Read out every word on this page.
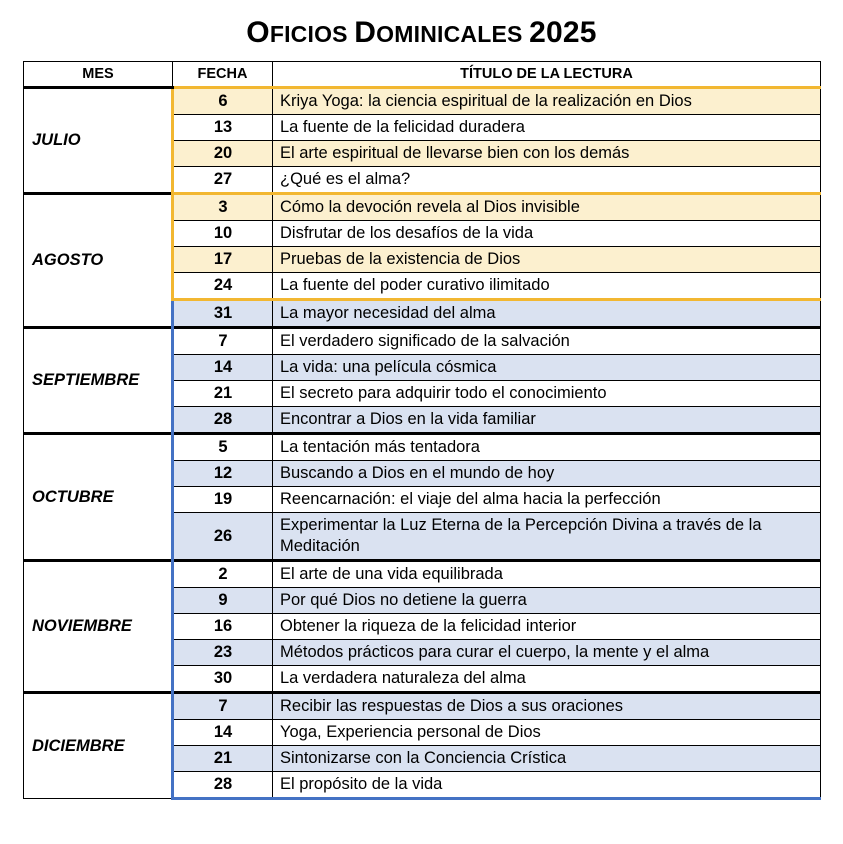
OFICIOS DOMINICALES 2025
MES	FECHA	TÍTULO DE LA LECTURA
JULIO	6	Kriya Yoga: la ciencia espiritual de la realización en Dios
	13	La fuente de la felicidad duradera
	20	El arte espiritual de llevarse bien con los demás
	27	¿Qué es el alma?
AGOSTO	3	Cómo la devoción revela al Dios invisible
	10	Disfrutar de los desafíos de la vida
	17	Pruebas de la existencia de Dios
	24	La fuente del poder curativo ilimitado
	31	La mayor necesidad del alma
SEPTIEMBRE	7	El verdadero significado de la salvación
	14	La vida: una película cósmica
	21	El secreto para adquirir todo el conocimiento
	28	Encontrar a Dios en la vida familiar
OCTUBRE	5	La tentación más tentadora
	12	Buscando a Dios en el mundo de hoy
	19	Reencarnación: el viaje del alma hacia la perfección
	26	Experimentar la Luz Eterna de la Percepción Divina a través de la Meditación
NOVIEMBRE	2	El arte de una vida equilibrada
	9	Por qué Dios no detiene la guerra
	16	Obtener la riqueza de la felicidad interior
	23	Métodos prácticos para curar el cuerpo, la mente y el alma
	30	La verdadera naturaleza del alma
DICIEMBRE	7	Recibir las respuestas de Dios a sus oraciones
	14	Yoga, Experiencia personal de Dios
	21	Sintonizarse con la Conciencia Crística
	28	El propósito de la vida
